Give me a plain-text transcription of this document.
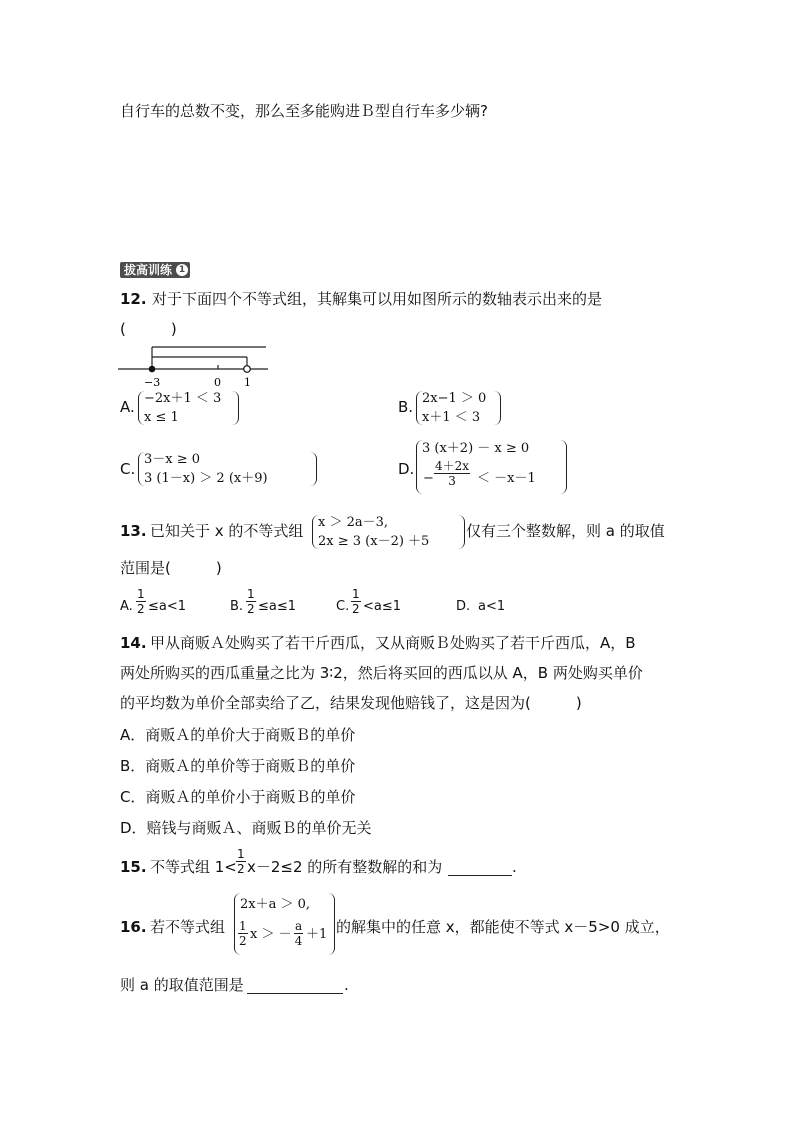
自行车的总数不变，那么至多能购进Ｂ型自行车多少辆?
拔高训练 1
12. 对于下面四个不等式组，其解集可以用如图所示的数轴表示出来的是
(　　　)
−3	0 1
A. −2x＋1 ＜ 3
x ≤ 1
B. 2x−1 ＞ 0
x＋1 ＜ 3
C.
3－x ≥ 0
3 (1－x) ＞ 2 (x＋9)
D.
3 (x＋2) － x ≥ 0
− $\frac{4+2x}{3} < -x-1$
13. 已知关于 x 的不等式组 x ＞ 2a－3,
2x ≥ 3 (x－2) ＋5
仅有三个整数解，则 a 的取值
范围是(　　　)
A. $\frac{1}{2} \le a<1$	B. $\frac{1}{2} \le a\le 1$	C. $\frac{1}{2} <a\le 1$	D. a<1
14. 甲从商贩Ａ处购买了若干斤西瓜，又从商贩Ｂ处购买了若干斤西瓜，A，B
两处所购买的西瓜重量之比为 3∶2，然后将买回的西瓜以从 A，B 两处购买单价
的平均数为单价全部卖给了乙，结果发现他赔钱了，这是因为(　　　)
A．商贩Ａ的单价大于商贩Ｂ的单价
B．商贩Ａ的单价等于商贩Ｂ的单价
C．商贩Ａ的单价小于商贩Ｂ的单价
D．赔钱与商贩Ａ、商贩Ｂ的单价无关
15. 不等式组 $1< \frac{1}{2} x-2\le 2$ 的所有整数解的和为	.
16. 若不等式组
2x＋a ＞ 0,
$\frac{1}{2}$ x ＞ － $\frac{a}{4} +1$ 的解集中的任意 x，都能使不等式 x－5>0 成立，
则 a 的取值范围是	.
